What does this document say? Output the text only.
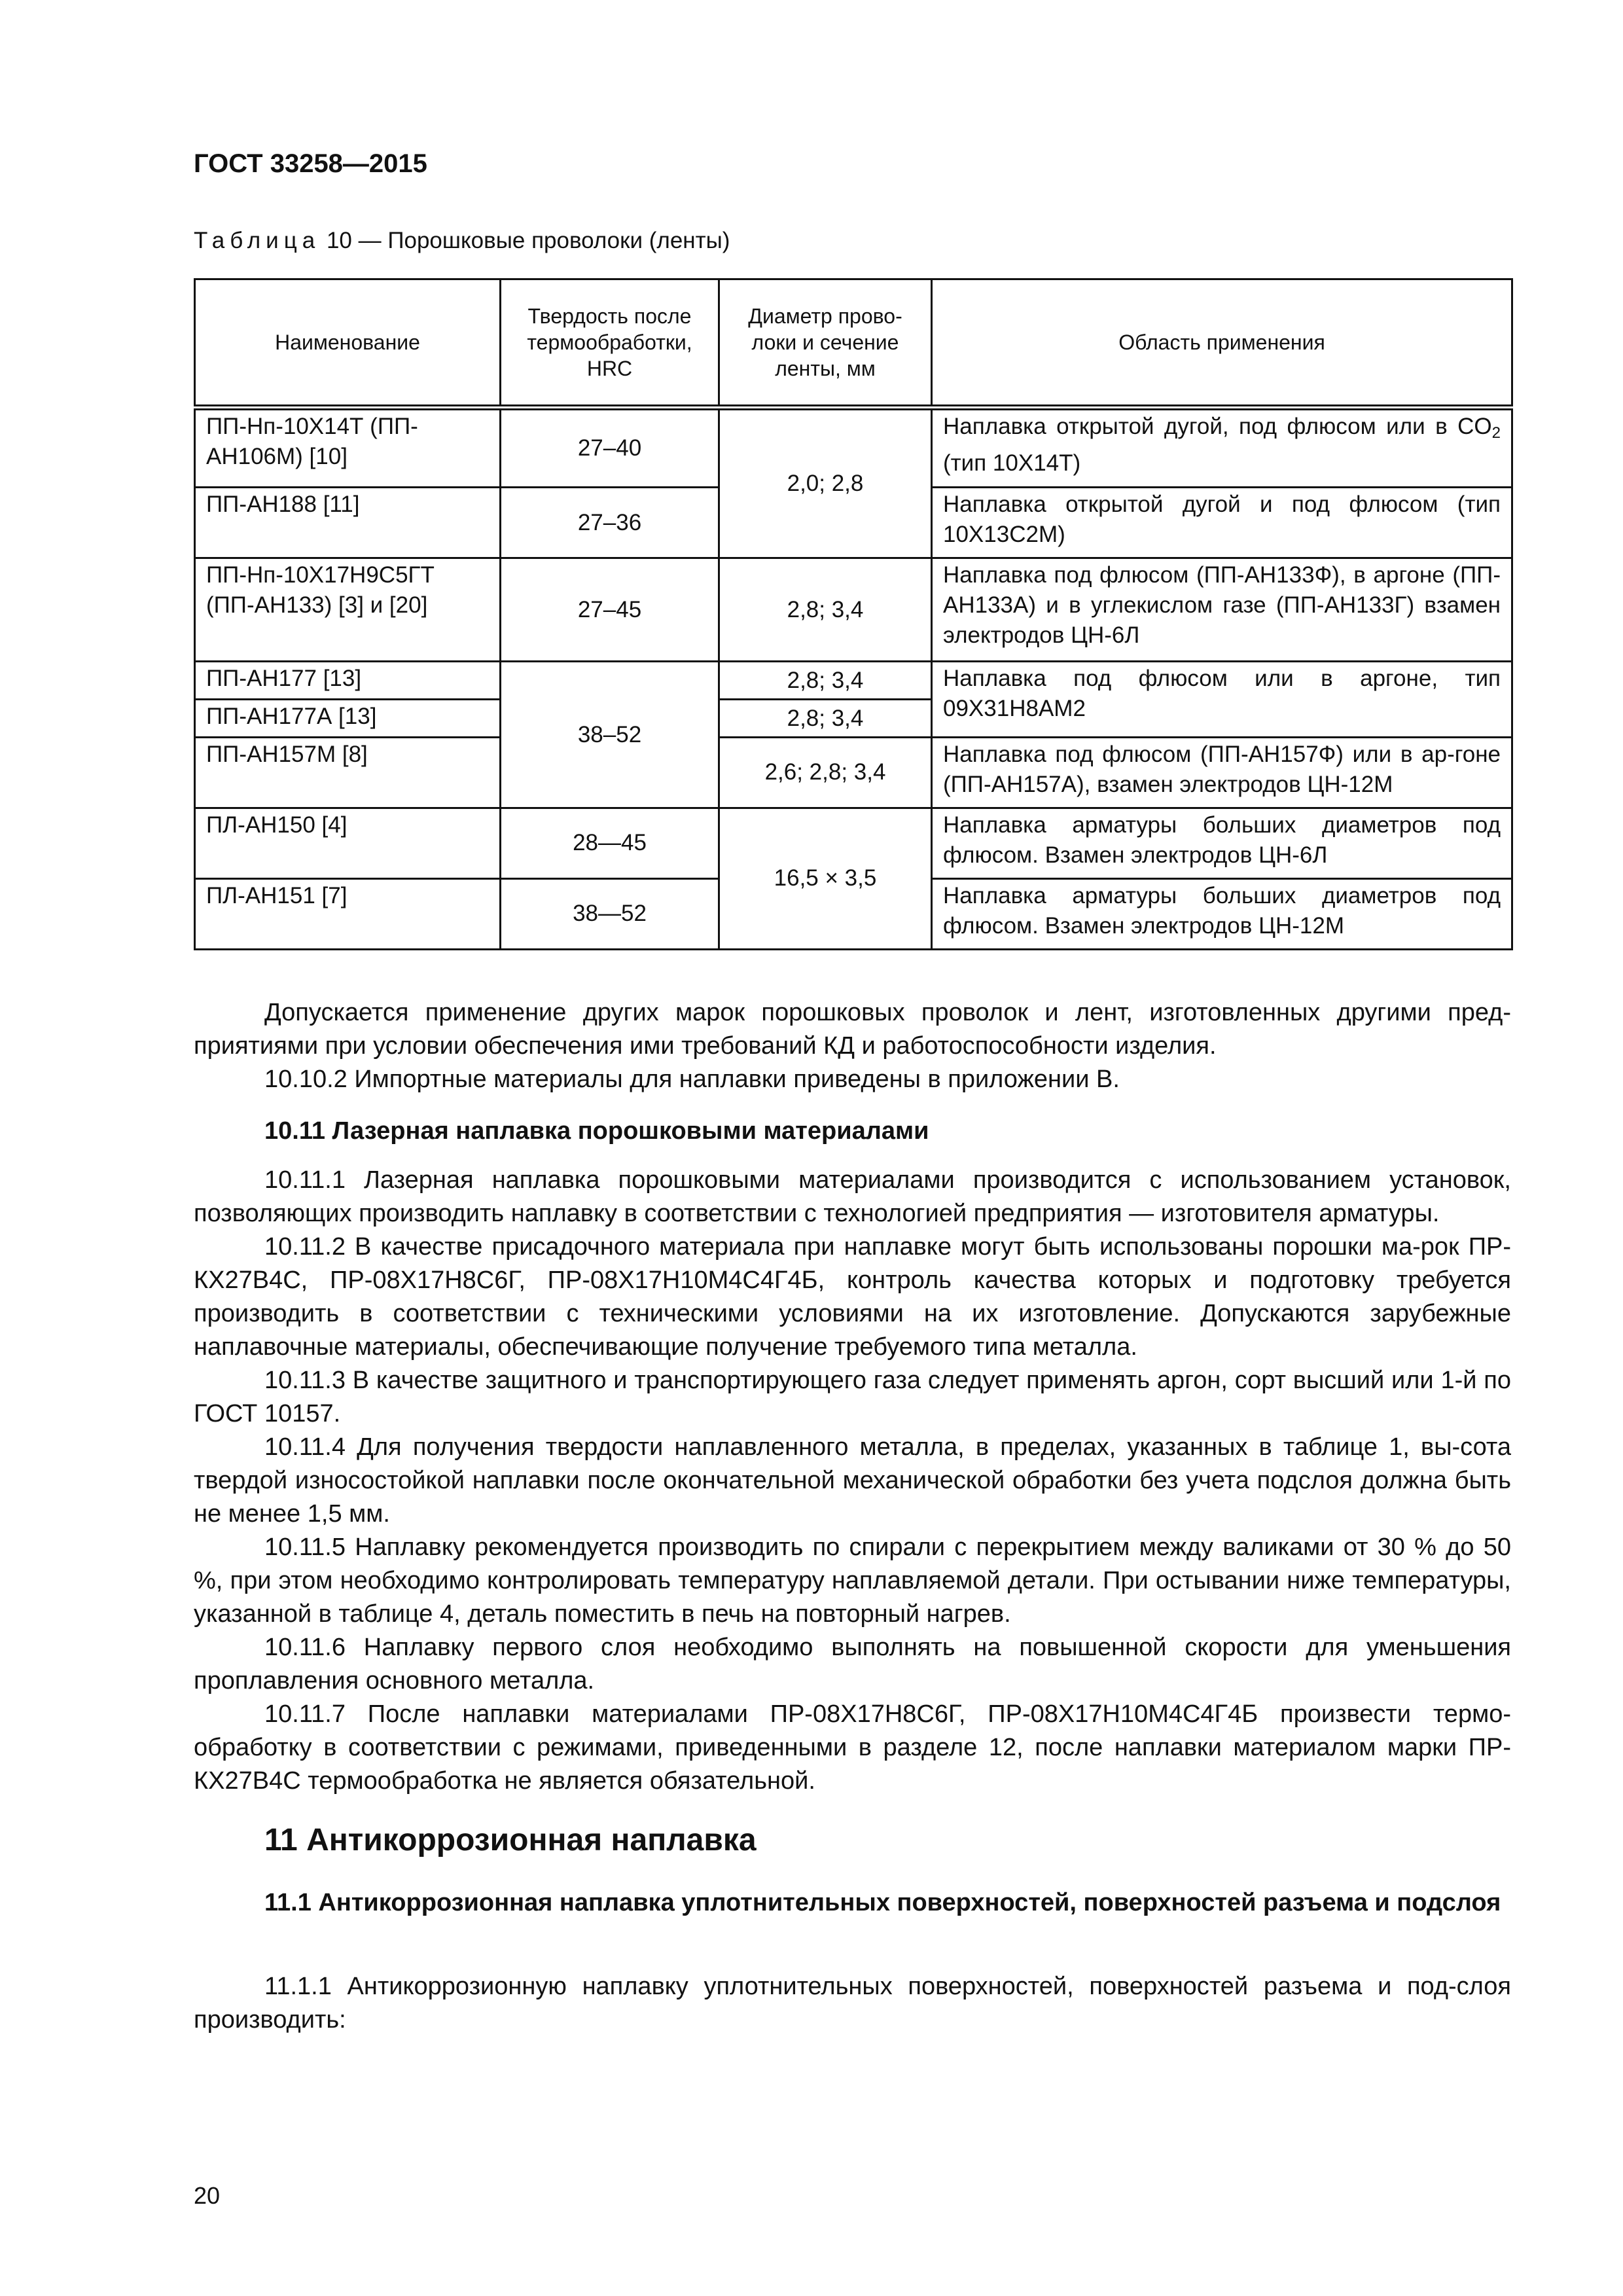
ГОСТ 33258—2015
Таблица 10 — Порошковые проволоки (ленты)
Наименование	Твердость после термообработки, HRC	Диаметр прово-локи и сечение ленты, мм	Область применения
ПП-Нп-10Х14Т (ПП-АН106М) [10]	27–40	2,0; 2,8	Наплавка открытой дугой, под флюсом или в $CO_2$ (тип 10Х14Т)
ПП-АН188 [11]	27–36		Наплавка открытой дугой и под флюсом (тип 10Х13С2М)
ПП-Нп-10Х17Н9С5ГТ (ПП-АН133) [3] и [20]	27–45	2,8; 3,4	Наплавка под флюсом (ПП-АН133Ф), в аргоне (ПП-АН133А) и в углекислом газе (ПП-АН133Г) взамен электродов ЦН-6Л
ПП-АН177 [13]	38–52	2,8; 3,4	Наплавка под флюсом или в аргоне, тип 09Х31Н8АМ2
ПП-АН177А [13]		2,8; 3,4	
ПП-АН157М [8]		2,6; 2,8; 3,4	Наплавка под флюсом (ПП-АН157Ф) или в ар-гоне (ПП-АН157А), взамен электродов ЦН-12М
ПЛ-АН150 [4]	28—45	16,5 × 3,5	Наплавка арматуры больших диаметров под флюсом. Взамен электродов ЦН-6Л
ПЛ-АН151 [7]	38—52		Наплавка арматуры больших диаметров под флюсом. Взамен электродов ЦН-12М

Допускается применение других марок порошковых проволок и лент, изготовленных другими пред-приятиями при условии обеспечения ими требований КД и работоспособности изделия.

10.10.2 Импортные материалы для наплавки приведены в приложении В.

10.11 Лазерная наплавка порошковыми материалами

10.11.1 Лазерная наплавка порошковыми материалами производится с использованием установок, позволяющих производить наплавку в соответствии с технологией предприятия — изготовителя арматуры.

10.11.2 В качестве присадочного материала при наплавке могут быть использованы порошки ма-рок ПР-КХ27В4С, ПР-08Х17Н8С6Г, ПР-08Х17Н10М4С4Г4Б, контроль качества которых и подготовку требуется производить в соответствии с техническими условиями на их изготовление. Допускаются зарубежные наплавочные материалы, обеспечивающие получение требуемого типа металла.

10.11.3 В качестве защитного и транспортирующего газа следует применять аргон, сорт высший или 1-й по ГОСТ 10157.

10.11.4 Для получения твердости наплавленного металла, в пределах, указанных в таблице 1, вы-сота твердой износостойкой наплавки после окончательной механической обработки без учета подслоя должна быть не менее 1,5 мм.

10.11.5 Наплавку рекомендуется производить по спирали с перекрытием между валиками от 30 % до 50 %, при этом необходимо контролировать температуру наплавляемой детали. При остывании ниже температуры, указанной в таблице 4, деталь поместить в печь на повторный нагрев.

10.11.6 Наплавку первого слоя необходимо выполнять на повышенной скорости для уменьшения проплавления основного металла.

10.11.7 После наплавки материалами ПР-08Х17Н8С6Г, ПР-08Х17Н10М4С4Г4Б произвести термо-обработку в соответствии с режимами, приведенными в разделе 12, после наплавки материалом марки ПР-КХ27В4С термообработка не является обязательной.

11 Антикоррозионная наплавка
11.1 Антикоррозионная наплавка уплотнительных поверхностей, поверхностей разъема и подслоя

11.1.1 Антикоррозионную наплавку уплотнительных поверхностей, поверхностей разъема и под-слоя производить:

20
